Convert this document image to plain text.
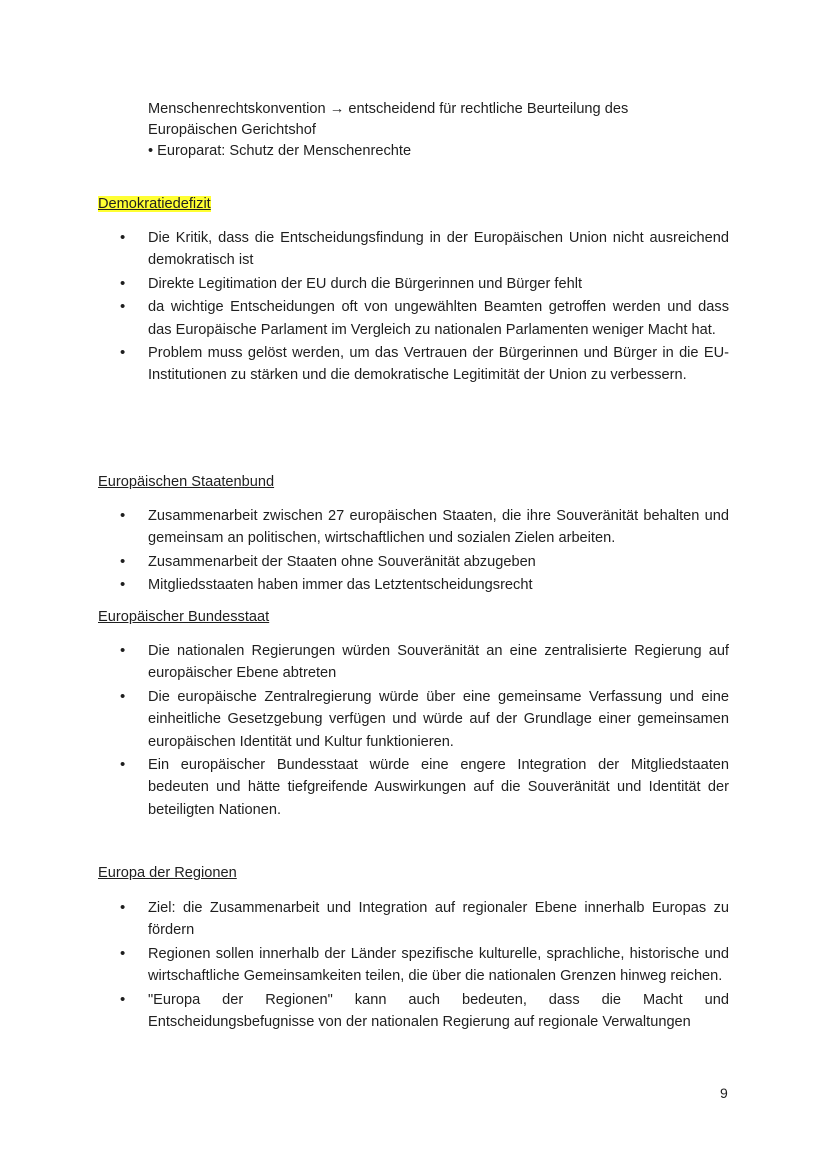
Menschenrechtskonvention → entscheidend für rechtliche Beurteilung des

Europäischen Gerichtshof

• Europarat: Schutz der Menschenrechte

Demokratiedefizit
• Die Kritik, dass die Entscheidungsfindung in der Europäischen Union nicht ausreichend demokratisch ist
• Direkte Legitimation der EU durch die Bürgerinnen und Bürger fehlt
• da wichtige Entscheidungen oft von ungewählten Beamten getroffen werden und dass das Europäische Parlament im Vergleich zu nationalen Parlamenten weniger Macht hat.
• Problem muss gelöst werden, um das Vertrauen der Bürgerinnen und Bürger in die EU-Institutionen zu stärken und die demokratische Legitimität der Union zu verbessern.
Europäischen Staatenbund
• Zusammenarbeit zwischen 27 europäischen Staaten, die ihre Souveränität behalten und gemeinsam an politischen, wirtschaftlichen und sozialen Zielen arbeiten.
• Zusammenarbeit der Staaten ohne Souveränität abzugeben
• Mitgliedsstaaten haben immer das Letztentscheidungsrecht
Europäischer Bundesstaat
• Die nationalen Regierungen würden Souveränität an eine zentralisierte Regierung auf europäischer Ebene abtreten
• Die europäische Zentralregierung würde über eine gemeinsame Verfassung und eine einheitliche Gesetzgebung verfügen und würde auf der Grundlage einer gemeinsamen europäischen Identität und Kultur funktionieren.
• Ein europäischer Bundesstaat würde eine engere Integration der Mitgliedstaaten bedeuten und hätte tiefgreifende Auswirkungen auf die Souveränität und Identität der beteiligten Nationen.
Europa der Regionen
• Ziel: die Zusammenarbeit und Integration auf regionaler Ebene innerhalb Europas zu fördern
• Regionen sollen innerhalb der Länder spezifische kulturelle, sprachliche, historische und wirtschaftliche Gemeinsamkeiten teilen, die über die nationalen Grenzen hinweg reichen.
• "Europa der Regionen" kann auch bedeuten, dass die Macht und Entscheidungsbefugnisse von der nationalen Regierung auf regionale Verwaltungen
9
